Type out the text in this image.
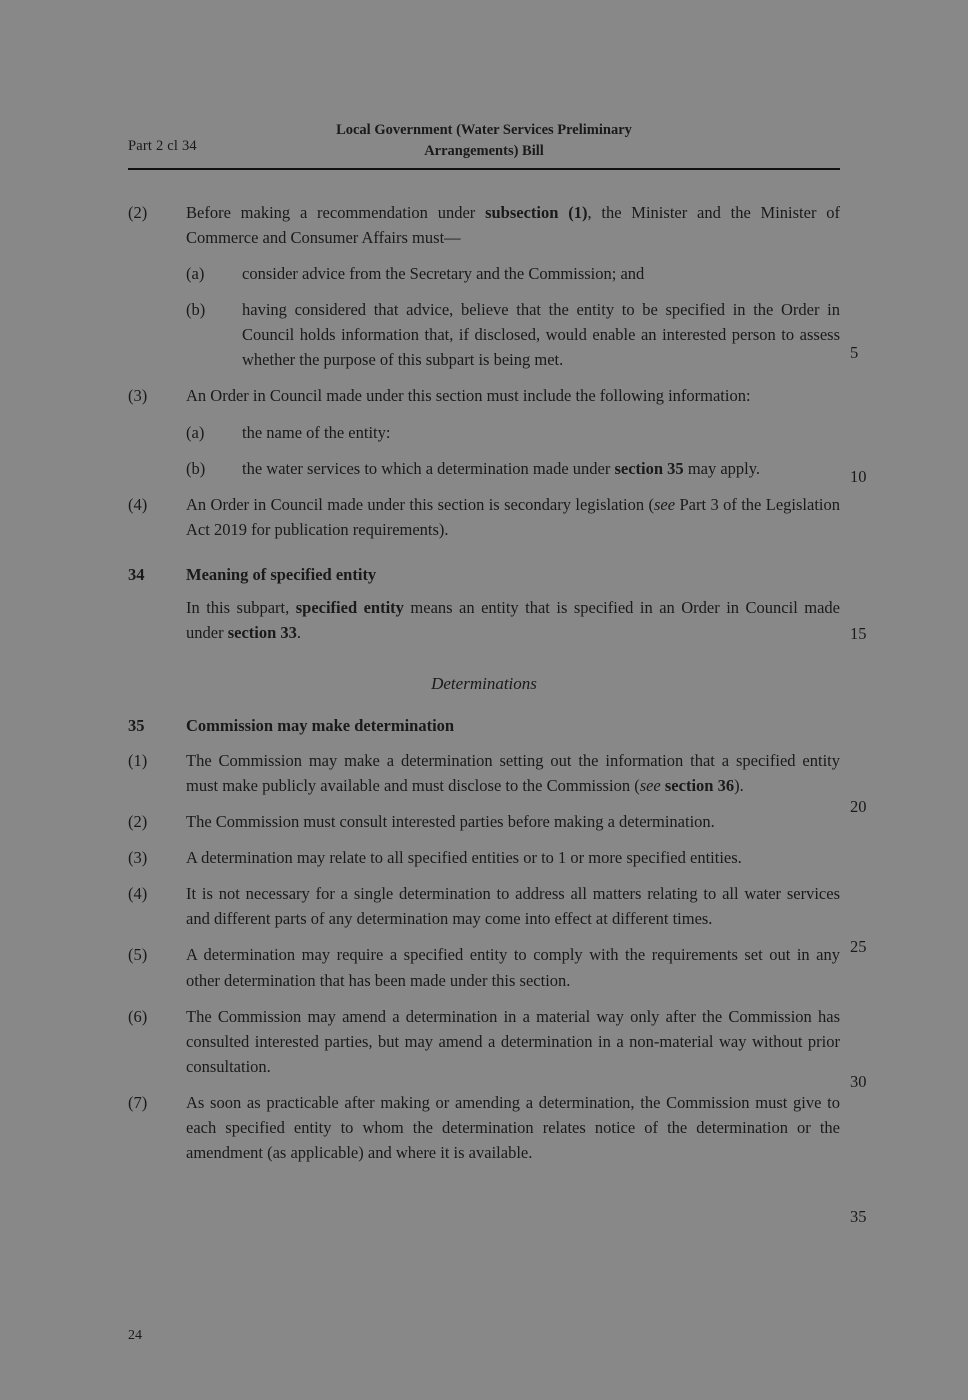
Part 2 cl 34
Local Government (Water Services Preliminary
Arrangements) Bill
5
10
15
20
25
30
35
(2)	Before making a recommendation under subsection (1), the Minister and the Minister of Commerce and Consumer Affairs must—
(a)	consider advice from the Secretary and the Commission; and
(b)	having considered that advice, believe that the entity to be specified in the Order in Council holds information that, if disclosed, would enable an interested person to assess whether the purpose of this subpart is being met.
(3)	An Order in Council made under this section must include the following information:
(a)	the name of the entity:
(b)	the water services to which a determination made under section 35 may apply.
(4)	An Order in Council made under this section is secondary legislation (see Part 3 of the Legislation Act 2019 for publication requirements).
34	Meaning of specified entity
In this subpart, specified entity means an entity that is specified in an Order in Council made under section 33.
Determinations
35	Commission may make determination
(1)	The Commission may make a determination setting out the information that a specified entity must make publicly available and must disclose to the Commission (see section 36).
(2)	The Commission must consult interested parties before making a determination.
(3)	A determination may relate to all specified entities or to 1 or more specified entities.
(4)	It is not necessary for a single determination to address all matters relating to all water services and different parts of any determination may come into effect at different times.
(5)	A determination may require a specified entity to comply with the requirements set out in any other determination that has been made under this section.
(6)	The Commission may amend a determination in a material way only after the Commission has consulted interested parties, but may amend a determination in a non-material way without prior consultation.
(7)	As soon as practicable after making or amending a determination, the Commission must give to each specified entity to whom the determination relates notice of the determination or the amendment (as applicable) and where it is available.
24
